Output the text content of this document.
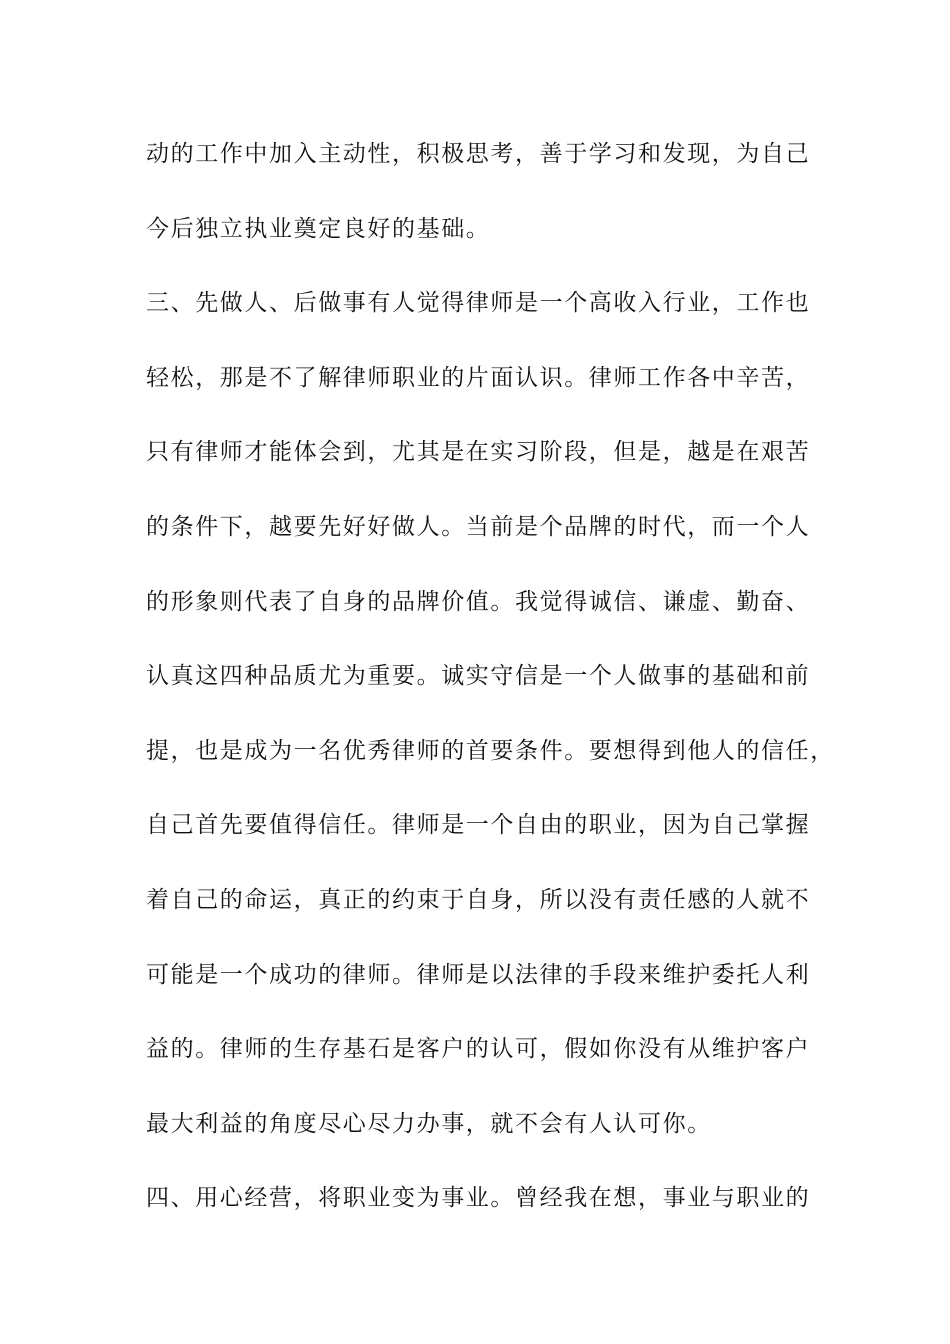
动的工作中加入主动性，积极思考，善于学习和发现，为自己
今后独立执业奠定良好的基础。
三、先做人、后做事有人觉得律师是一个高收入行业，工作也
轻松，那是不了解律师职业的片面认识。律师工作各中辛苦，
只有律师才能体会到，尤其是在实习阶段，但是，越是在艰苦
的条件下，越要先好好做人。当前是个品牌的时代，而一个人
的形象则代表了自身的品牌价值。我觉得诚信、谦虚、勤奋、
认真这四种品质尤为重要。诚实守信是一个人做事的基础和前
提，也是成为一名优秀律师的首要条件。要想得到他人的信任，
自己首先要值得信任。律师是一个自由的职业，因为自己掌握
着自己的命运，真正的约束于自身，所以没有责任感的人就不
可能是一个成功的律师。律师是以法律的手段来维护委托人利
益的。律师的生存基石是客户的认可，假如你没有从维护客户
最大利益的角度尽心尽力办事，就不会有人认可你。
四、用心经营，将职业变为事业。曾经我在想，事业与职业的
